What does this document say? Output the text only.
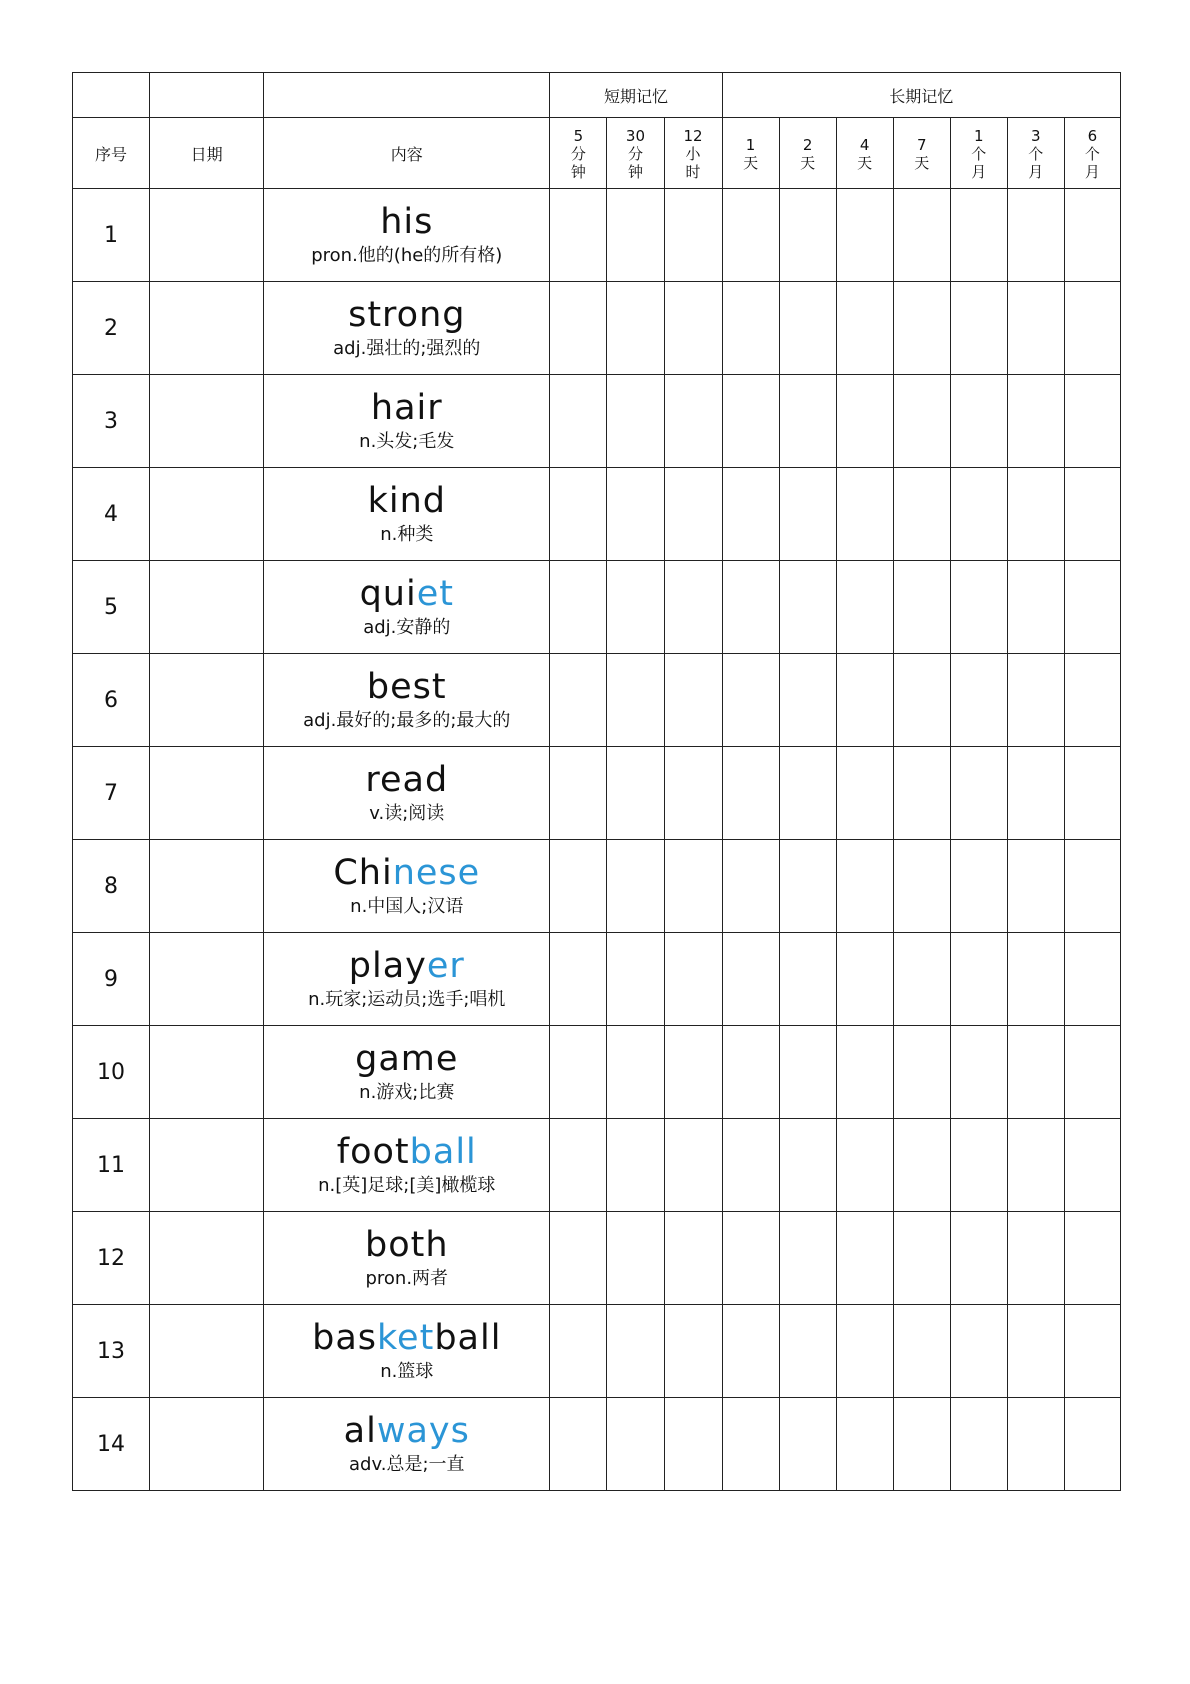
			短期记忆			长期记忆						
序号	日期	内容	5
分
钟	30
分
钟	12
小
时	1
天	2
天	4
天	7
天	1
个
月	3
个
月	6
个
月

1		his
pron.他的(he的所有格)										

2		strong
adj.强壮的;强烈的										

3		hair
n.头发;毛发										

4		kind
n.种类										

5		quiet
adj.安静的										

6		best
adj.最好的;最多的;最大的										

7		read
v.读;阅读										

8		Chinese
n.中国人;汉语										

9		player
n.玩家;运动员;选手;唱机										

10		game
n.游戏;比赛										

11		football
n.[英]足球;[美]橄榄球										

12		both
pron.两者										

13		basketball
n.篮球										

14		always
adv.总是;一直										
